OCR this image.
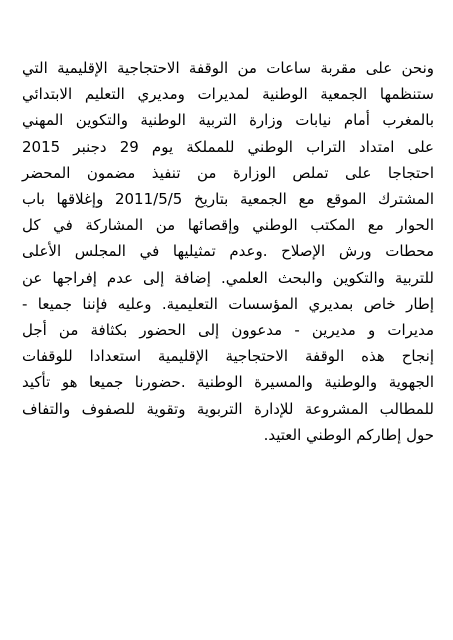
ونحن على مقربة ساعات من الوقفة الاحتجاجية الإقليمية التي
ستنظمها الجمعية الوطنية لمديرات ومديري التعليم الابتدائي
بالمغرب أمام نيابات وزارة التربية الوطنية والتكوين المهني
على امتداد التراب الوطني للمملكة يوم 29 دجنبر 2015
احتجاجا على تملص الوزارة من تنفيذ مضمون المحضر
المشترك الموقع مع الجمعية بتاريخ 2011/5/5 وإغلاقها باب
الحوار مع المكتب الوطني وإقصائها من المشاركة في كل
محطات ورش الإصلاح .وعدم تمثيليها في المجلس الأعلى
للتربية والتكوين والبحث العلمي. إضافة إلى عدم إفراجها عن
إطار خاص بمديري المؤسسات التعليمية. وعليه فإننا جميعا -
مديرات و مديرين - مدعوون إلى الحضور بكثافة من أجل
إنجاح هذه الوقفة الاحتجاجية الإقليمية استعدادا للوقفات
الجهوية والوطنية والمسيرة الوطنية .حضورنا جميعا هو تأكيد
للمطالب المشروعة للإدارة التربوية وتقوية للصفوف والتفاف
حول إطاركم الوطني العتيد.
